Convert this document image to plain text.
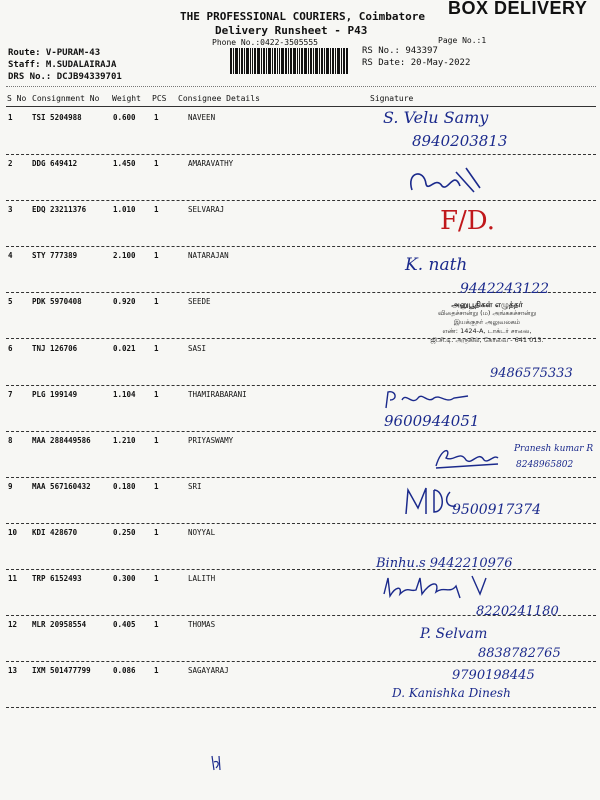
BOX DELIVERY
THE PROFESSIONAL COURIERS, Coimbatore
Delivery Runsheet - P43
Phone No.:0422-3505555	Page No.:1
Route: V-PURAM-43
Staff: M.SUDALAIRAJA
DRS No.: DCJB94339701
RS No.: 943397
RS Date: 20-May-2022
S No Consignment No Weight PCS Consignee Details	Signature
1	TSI 5204988	0.600 1	NAVEEN
2	DDG 649412	1.450 1	AMARAVATHY
3	EDQ 23211376	1.010 1	SELVARAJ
4	STY 777389	2.100 1	NATARAJAN
5	PDK 5970408	0.920 1	SEEDE
6	TNJ 126706	0.021 1	SASI
7	PLG 199149	1.104 1	THAMIRABARANI
8	MAA 288449586	1.210 1	PRIYASWAMY
9	MAA 567160432	0.180 1	SRI
10 KDI 428670	0.250 1	NOYYAL
11 TRP 6152493	0.300 1	LALITH
12 MLR 20958554	0.405 1	THOMAS
13 IXM 501477799	0.086 1	SAGAYARAJ
S. Velu Samy
8940203813
F/D.
K. nath
9442243122
அனுபூதிகள் எழுத்தர்
விதைச்சான்று (ம) அங்ககச்சான்று
இயக்குநர் அலுவலகம்
எண்: 1424-A, டாக்டர் சாலை,
ஜி.சி.டி. அருகில், கோவை - 641 013.
9486575333
9600944051
Pranesh kumar R
8248965802
9500917374
Binhu.s 9442210976
8220241180
P. Selvam
8838782765
9790198445
D. Kanishka Dinesh
